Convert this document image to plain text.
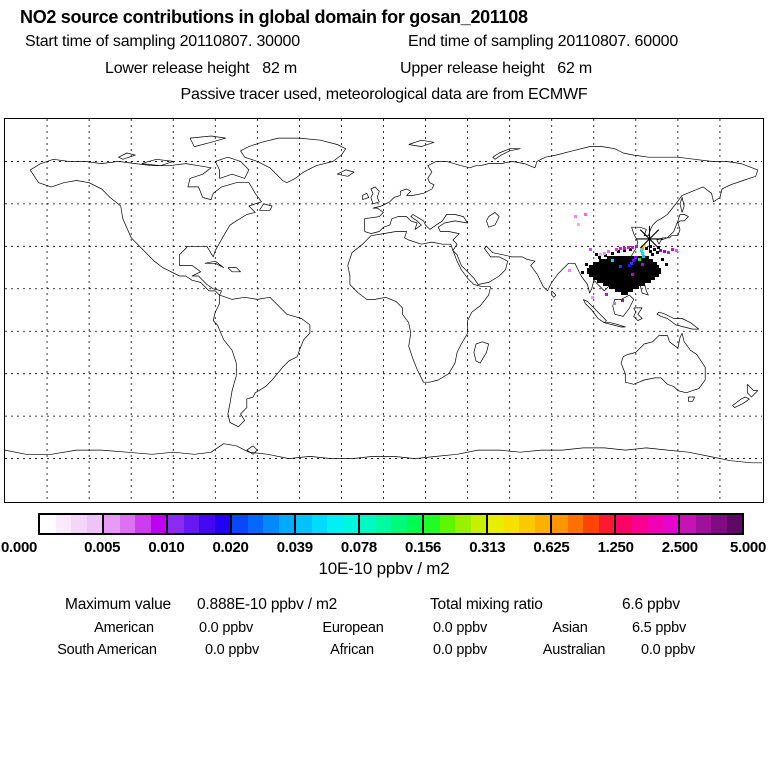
NO2 source contributions in global domain for gosan_201108
Start time of sampling 20110807. 30000	End time of sampling 20110807. 60000
Lower release height   82 m	Upper release height   62 m
Passive tracer used, meteorological data are from ECMWF
0.000	0.005 0.010 0.020 0.039 0.078 0.156 0.313 0.625 1.250 2.500 5.000
10E-10 ppbv / m2
Maximum value 0.888E-10 ppbv / m2	Total mixing ratio	6.6 ppbv
American	0.0 ppbv	European	0.0 ppbv	Asian	6.5 ppbv
South American	0.0 ppbv	African	0.0 ppbv	Australian 0.0 ppbv
